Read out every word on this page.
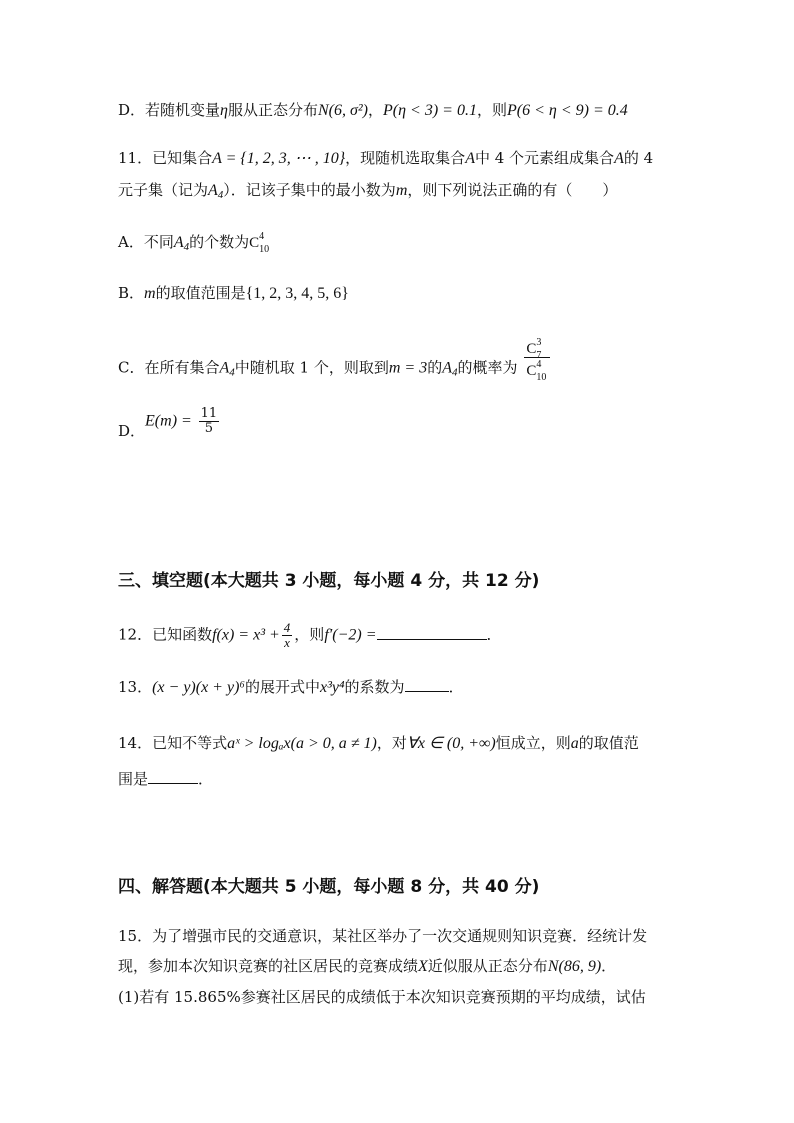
D．若随机变量η服从正态分布N(6, σ²)，P(η < 3) = 0.1，则P(6 < η < 9) = 0.4
11．已知集合A = {1, 2, 3, ⋯ , 10}，现随机选取集合A中 4 个元素组成集合A的 4
元子集（记为$A_4$）．记该子集中的最小数为m，则下列说法正确的有（　　）
A．不同$A_4$的个数为C 4
10
B．m的取值范围是{1, 2, 3, 4, 5, 6}
C．在所有集合$A_4$中随机取 1 个，则取到m = 3的$A_4$的概率为 C 3
7
C 4
10
D．$E(m) = \frac{11}{5}$
三、填空题(本大题共 3 小题，每小题 4 分，共 12 分)
12．已知函数$f(x) = x^3 + \frac{4}{x}$ ，则f′(−2) =	．
13．(x − y)(x + y)⁶的展开式中x³y⁴的系数为	．
14．已知不等式aˣ > logₐx(a > 0, a ≠ 1)，对∀x ∈ (0, +∞)恒成立，则a的取值范
围是	．
四、解答题(本大题共 5 小题，每小题 8 分，共 40 分)
15．为了增强市民的交通意识，某社区举办了一次交通规则知识竞赛．经统计发
现，参加本次知识竞赛的社区居民的竞赛成绩X近似服从正态分布N(86, 9)．
(1)若有 15.865%参赛社区居民的成绩低于本次知识竞赛预期的平均成绩，试估
